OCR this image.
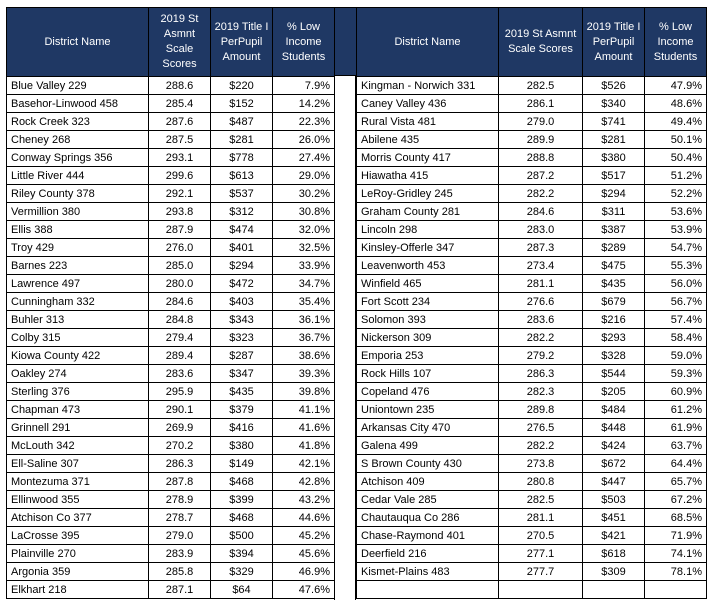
District Name	2019 St Asmnt Scale Scores	2019 Title I PerPupil Amount	% Low Income Students
Blue Valley 229	288.6	$220	7.9%
Basehor-Linwood 458	285.4	$152	14.2%
Rock Creek 323	287.6	$487	22.3%
Cheney 268	287.5	$281	26.0%
Conway Springs 356	293.1	$778	27.4%
Little River 444	299.6	$613	29.0%
Riley County 378	292.1	$537	30.2%
Vermillion 380	293.8	$312	30.8%
Ellis 388	287.9	$474	32.0%
Troy 429	276.0	$401	32.5%
Barnes 223	285.0	$294	33.9%
Lawrence 497	280.0	$472	34.7%
Cunningham 332	284.6	$403	35.4%
Buhler 313	284.8	$343	36.1%
Colby 315	279.4	$323	36.7%
Kiowa County 422	289.4	$287	38.6%
Oakley 274	283.6	$347	39.3%
Sterling 376	295.9	$435	39.8%
Chapman 473	290.1	$379	41.1%
Grinnell 291	269.9	$416	41.6%
McLouth 342	270.2	$380	41.8%
Ell-Saline 307	286.3	$149	42.1%
Montezuma 371	287.8	$468	42.8%
Ellinwood 355	278.9	$399	43.2%
Atchison Co 377	278.7	$468	44.6%
LaCrosse 395	279.0	$500	45.2%
Plainville 270	283.9	$394	45.6%
Argonia 359	285.8	$329	46.9%
Elkhart 218	287.1	$64	47.6%
District Name	2019 St Asmnt Scale Scores	2019 Title I PerPupil Amount	% Low Income Students
Kingman - Norwich 331	282.5	$526	47.9%
Caney Valley 436	286.1	$340	48.6%
Rural Vista 481	279.0	$741	49.4%
Abilene 435	289.9	$281	50.1%
Morris County 417	288.8	$380	50.4%
Hiawatha 415	287.2	$517	51.2%
LeRoy-Gridley 245	282.2	$294	52.2%
Graham County 281	284.6	$311	53.6%
Lincoln 298	283.0	$387	53.9%
Kinsley-Offerle 347	287.3	$289	54.7%
Leavenworth 453	273.4	$475	55.3%
Winfield 465	281.1	$435	56.0%
Fort Scott 234	276.6	$679	56.7%
Solomon 393	283.6	$216	57.4%
Nickerson 309	282.2	$293	58.4%
Emporia 253	279.2	$328	59.0%
Rock Hills 107	286.3	$544	59.3%
Copeland 476	282.3	$205	60.9%
Uniontown 235	289.8	$484	61.2%
Arkansas City 470	276.5	$448	61.9%
Galena 499	282.2	$424	63.7%
S Brown County 430	273.8	$672	64.4%
Atchison 409	280.8	$447	65.7%
Cedar Vale 285	282.5	$503	67.2%
Chautauqua Co 286	281.1	$451	68.5%
Chase-Raymond 401	270.5	$421	71.9%
Deerfield 216	277.1	$618	74.1%
Kismet-Plains 483	277.7	$309	78.1%
